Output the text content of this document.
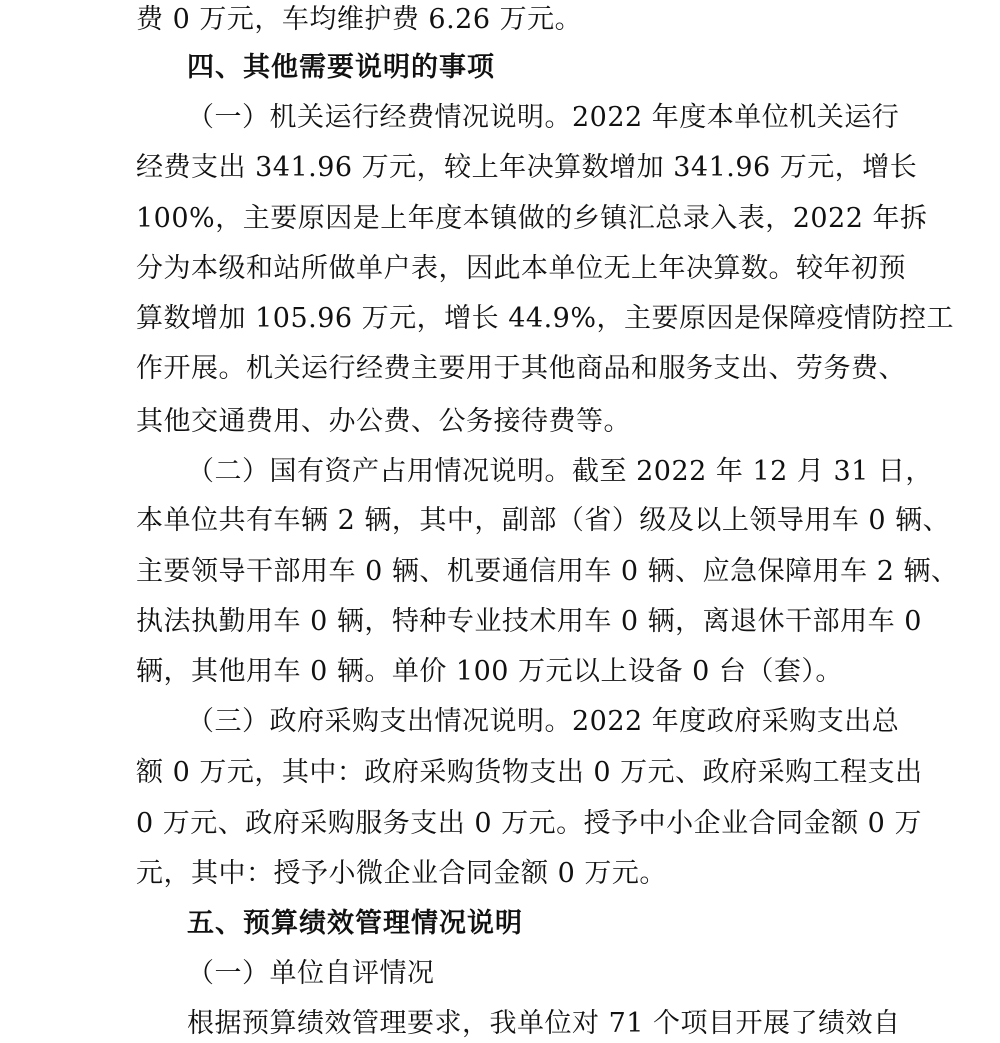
费 0 万元，车均维护费 6.26 万元。
四、其他需要说明的事项
（一）机关运行经费情况说明。2022 年度本单位机关运行
经费支出 341.96 万元，较上年决算数增加 341.96 万元，增长
100%，主要原因是上年度本镇做的乡镇汇总录入表，2022 年拆
分为本级和站所做单户表，因此本单位无上年决算数。较年初预
算数增加 105.96 万元，增长 44.9%，主要原因是保障疫情防控工
作开展。机关运行经费主要用于其他商品和服务支出、劳务费、
其他交通费用、办公费、公务接待费等。
（二）国有资产占用情况说明。截至 2022 年 12 月 31 日，
本单位共有车辆 2 辆，其中，副部（省）级及以上领导用车 0 辆、
主要领导干部用车 0 辆、机要通信用车 0 辆、应急保障用车 2 辆、
执法执勤用车 0 辆，特种专业技术用车 0 辆，离退休干部用车 0
辆，其他用车 0 辆。单价 100 万元以上设备 0 台（套）。
（三）政府采购支出情况说明。2022 年度政府采购支出总
额 0 万元，其中：政府采购货物支出 0 万元、政府采购工程支出
0 万元、政府采购服务支出 0 万元。授予中小企业合同金额 0 万
元，其中：授予小微企业合同金额 0 万元。
五、预算绩效管理情况说明
（一）单位自评情况
根据预算绩效管理要求，我单位对 71 个项目开展了绩效自
